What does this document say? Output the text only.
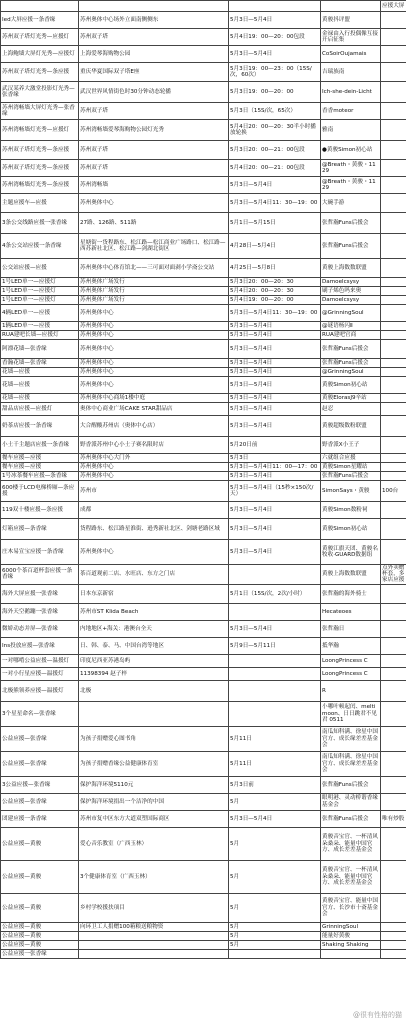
				应援大屏
Ied大屏应援一条香缘	苏州奥体中心场外立面南侧侧东	5月3日—5月4日	黄骏抖评盟	
苏州双子塔灯光秀—应援灯	苏州双子塔	5月4日19：00—20：00包段	金禄由入行投偶像互接开启征集	
上海鲍墙大屏灯光秀—应援灯	上海爱琴海购物公园	5月3日—5月4日	CoSoirOujamais	
苏州双子塔灯光秀—条应援	重庆华夏国际双子塔E座	5月3日19：00—23：00（15S/次，60次）	吉瑞族南	
武汉某养大激堂投影灯光秀—张香缘	武汉世界风情街色时30分钟动态轮播	5月3日19：00—20：00	Ich-she-dein-Licht	
苏州湾畅墙大屏灯光秀—张香缘	苏州双子塔	5月3日（15S/次，65次）	香香moteor	
苏州湾畅墙灯光秀—应援灯	苏州湾畅墙爱琴海购物公园灯光秀	5月4日20：00—20：30半小时播放轮换	雅南	
苏州双子塔灯光秀—条应援	苏州双子塔	5月3日20：00—21：00包段	●黄骏Simon初心站	
苏州双子塔灯光秀—条应援	苏州双子塔	5月4日20：00—21：00包段	@Breath・黄骏・1129	
苏州湾畅墙灯光秀—条应援	苏州湾畅墙	5月3日—5月4日	@Breath・黄骏・1129	
主题应援车—应援	苏州奥体中心	5月3日—5月4日11：30—19：00	大碗手游	
3条公交线路应援一张香缘	27路、126路、511路	5月1日—5月15日	张哲瀚Funs后援会	
4条公交站应援一条香缘	星塘街一货程路东、松江路—松江商业广场路口、松江路—西苏新社北区、松江路—剑湖北街区	4月28日—5月4日	张哲瀚Funs后援会	
公交站应援—应援	苏州奥体中心体育馆北——三可面对面剥小学斋公交站	4月25日—5月8日	黄骏上海数数联盟	
1号LED单一—应援灯	苏州奥体广场发行	5月3日20：00—20：30	Damoelcsysy	
1号LED单一—应援灯	苏州奥体广场发行	5月4日20：00—20：30	刷子烯色吗来奥	
1号LED单一—应援灯	苏州奥体广场发行	5月4日19：00—20：00	Damoelcsysy	
4辆LED单一—应援	苏州奥体中心	5月3日—5月4日11：30—19：00	@GrinningSoul	
1辆LED单一—应援	苏州奥体中心	5月3日—5月4日	@谜语杨闪Ⅱ	
RUA建吧长墙—应援灯	苏州奥体中心	5月3日—5月4日	RUA建吧官商	
阿漂花墙—张香缘	苏州奥体中心	5月3日—5月4日	张哲瀚Funs后援会	
香瀚花墙—张香缘	苏州奥体中心	5月3日—5月4日	张哲瀚Funs后援会	
花墙—应援	苏州奥体中心	5月3日—5月4日	@GrinningSoul	
花墙—应援	苏州奥体中心	5月3日—5月4日	黄骏Simon初心站	
花墙—应援	苏州奥体中心商场1楼中庭	5月3日—5月4日	黄骏ElorasJ9辛站	
甜品店应援—应援灯	奥体中心商业广场CAKE STAR甜品店	5月3日—5月4日	赵忍	
奶茶店应援一条香缘	大合醒酸苏州店（奥体中心店）	5月3日—5月4日	黄骏超级数粉联盟	
小土千主题店应援一条香缘	野香派苏州中心小土子赛名限时店	5月20日前	野香派X小王子	
餐车应援—应援	苏州奥体中心大门外	5月3日	六就组合应援	
餐车应援—应援	苏州奥体中心	5月3日—5月4日11：00—17：00	黄骏Simon星耀站	
1号冰茶餐车应援—条香缘	苏州奥体中心	5月3日—5月4日	张哲瀚Funs后援会	
600楼于LCD电梯桥厢—条应援	苏州市	5月3日—5月4日（15秒×150次/天）	SimonSays・黄骏	100台
119双十楼应援—条应援	成都	5月3日—5月4日	黄骏Simon数粉祠	
灯箱应援—条香缘	货程路东、松江路星淮街、逊秀新社北区、剑塘老路区域	5月3日—5月4日	黄骏Simon初心站	
庄木易宣宝应援一条香缘	苏州奥体中心	5月3日—5月4日	黄骏江旗天团、黄骏名牧收·GUARD数据组	
6000个茶百道杯套应援一条香缘	茶百道观前二店、水旺店、东方之门店		黄骏上海数数联盟	点外卖赠杯套，多家店应援
海外大屏应援一张香缘	日本东京新宿	5月1日（15S/次，2次/小时）	张哲瀚的海外骑士	
海外天空鹅蹦一张香缘	苏州市ST Klida Beach		Hecateoes	
微娇动态并屏—张香缘	内地地区+海关：港澳台全天	5月3日—5月4日	张哲瀚日	
Ins投放应援—张香缘	日、韩、泰、马、中国台湾等地区	5月9日—5月11日	抵华瀚	
一对哪啃公益应援—温援灯	印度尼西亚苏港岛屿		LoongPrincess C	
一对小行星应援—温援灯	11398394 赵子梓		LoongPrincess C	
北极熊领养应援—温援灯	北极		R	
3个星星命名—张香缘			小哪叶顿起闰、meltimoon、日日跳君不见君 0511	
公益应援—张香缘	为孩子捐赠爱心图书角	5月11日	南瓜知科满、徐星中国官方、成长缘差差基金会	
公益应援—张香缘	为孩子捐赠香缘公益健康体育室	5月11日	南瓜知科满、徐星中国官方、成长缘差差基金会	
3公益应援—张香缘	保护海洋环境5110元	5月3日前	张哲瀚Funs后援会	
公益应援—张香缘	保护海洋环境捐出一个洁净的中国	5月	眼明港、灵动桥谐香缘基金会	
团建应援一条香缘	苏州市复中区东方大道双塑国际商区	5月3日—5月4日	张哲瀚Funs后援会	唯有炒股
公益应援—黄骏	爱心音乐教室（广西玉林）	5月	黄骏音宝官、一杯清风朵桑朵、能量中国官方、成长差差基金会	
公益应援—黄骏	3个健康体育室（广西玉林）	5月	黄骏音宝官、一杯清风朵桑朵、能量中国官方、成长差差基金会	
公益应援—黄骏	乡村学校援扶项目	5月	黄骏音宝官、能量中国官方、长沙市十斋基金会	
公益应援—黄骏	向环卫工人捐赠100箱粮送粮物资	5月	GrinningSoul	
公益应援—黄骏		5月	能量好黄骏	
公益应援—黄骏		5月	Shaking Shaking	
公益应援一张香缘				
@很有性格的猫
